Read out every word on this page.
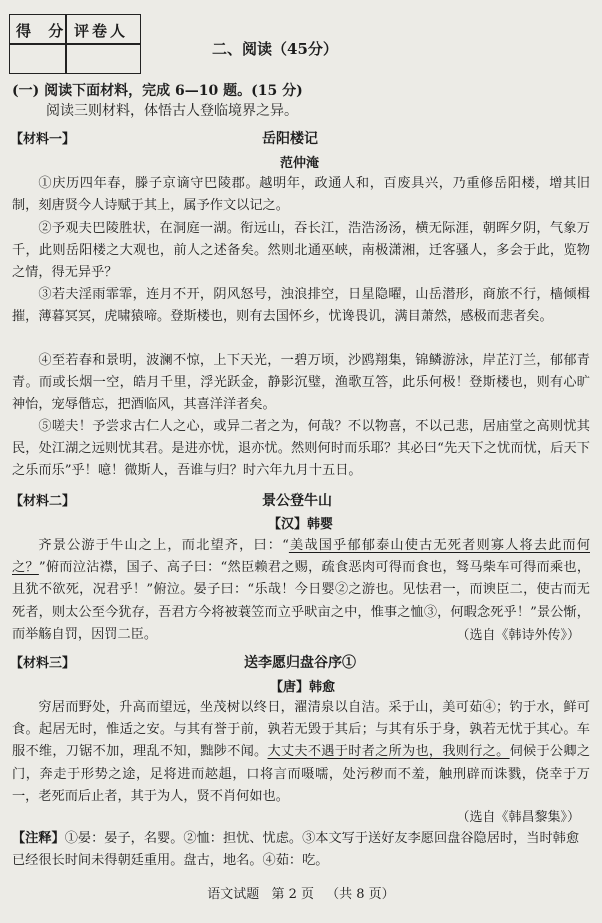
得 分 评卷人
二、阅读（45分）
(一) 阅读下面材料，完成 6—10 题。(15 分)
阅读三则材料，体悟古人登临境界之异。
【材料一】	岳阳楼记
范仲淹

①庆历四年春，滕子京谪守巴陵郡。越明年，政通人和，百废具兴，乃重修岳阳楼，增其旧制，刻唐贤今人诗赋于其上，属予作文以记之。

②予观夫巴陵胜状，在洞庭一湖。衔远山，吞长江，浩浩汤汤，横无际涯，朝晖夕阴，气象万千，此则岳阳楼之大观也，前人之述备矣。然则北通巫峡，南极潇湘，迁客骚人，多会于此，览物之情，得无异乎？

③若夫淫雨霏霏，连月不开，阴风怒号，浊浪排空，日星隐曜，山岳潜形，商旅不行，樯倾楫摧，薄暮冥冥，虎啸猿啼。登斯楼也，则有去国怀乡，忧谗畏讥，满目萧然，感极而悲者矣。

④至若春和景明，波澜不惊，上下天光，一碧万顷，沙鸥翔集，锦鳞游泳，岸芷汀兰，郁郁青青。而或长烟一空，皓月千里，浮光跃金，静影沉璧，渔歌互答，此乐何极！登斯楼也，则有心旷神怡，宠辱偕忘，把酒临风，其喜洋洋者矣。

⑤嗟夫！予尝求古仁人之心，或异二者之为，何哉？不以物喜，不以己悲，居庙堂之高则忧其民，处江湖之远则忧其君。是进亦忧，退亦忧。然则何时而乐耶？其必曰“先天下之忧而忧，后天下之乐而乐”乎！噫！微斯人，吾谁与归？时六年九月十五日。

【材料二】	景公登牛山
【汉】韩婴

齐景公游于牛山之上，而北望齐，曰：“美哉国乎郁郁泰山使古无死者则寡人将去此而何之？”俯而泣沾襟，国子、高子曰：“然臣赖君之赐，疏食恶肉可得而食也，驽马柴车可得而乘也，且犹不欲死，况君乎！”俯泣。晏子曰：“乐哉！今日婴②之游也。见怯君一，而谀臣二，使古而无死者，则太公至今犹存，吾君方今将被蓑笠而立乎畎亩之中，惟事之恤③，何暇念死乎！”景公惭，而举觞自罚，因罚二臣。	（选自《韩诗外传》）
【材料三】	送李愿归盘谷序①
【唐】韩愈

穷居而野处，升高而望远，坐茂树以终日，濯清泉以自洁。采于山，美可茹④；钓于水，鲜可食。起居无时，惟适之安。与其有誉于前，孰若无毁于其后；与其有乐于身，孰若无忧于其心。车服不维，刀锯不加，理乱不知，黜陟不闻。大丈夫不遇于时者之所为也，我则行之。伺候于公卿之门，奔走于形势之途，足将进而趑趄，口将言而嗫嚅，处污秽而不羞，触刑辟而诛戮，侥幸于万一，老死而后止者，其于为人，贤不肖何如也。

（选自《韩昌黎集》）

【注释】①晏：晏子，名婴。②恤：担忧、忧虑。③本文写于送好友李愿回盘谷隐居时，当时韩愈已经很长时间未得朝廷重用。盘古，地名。④茹：吃。

语文试题 第 2 页 （共 8 页）
